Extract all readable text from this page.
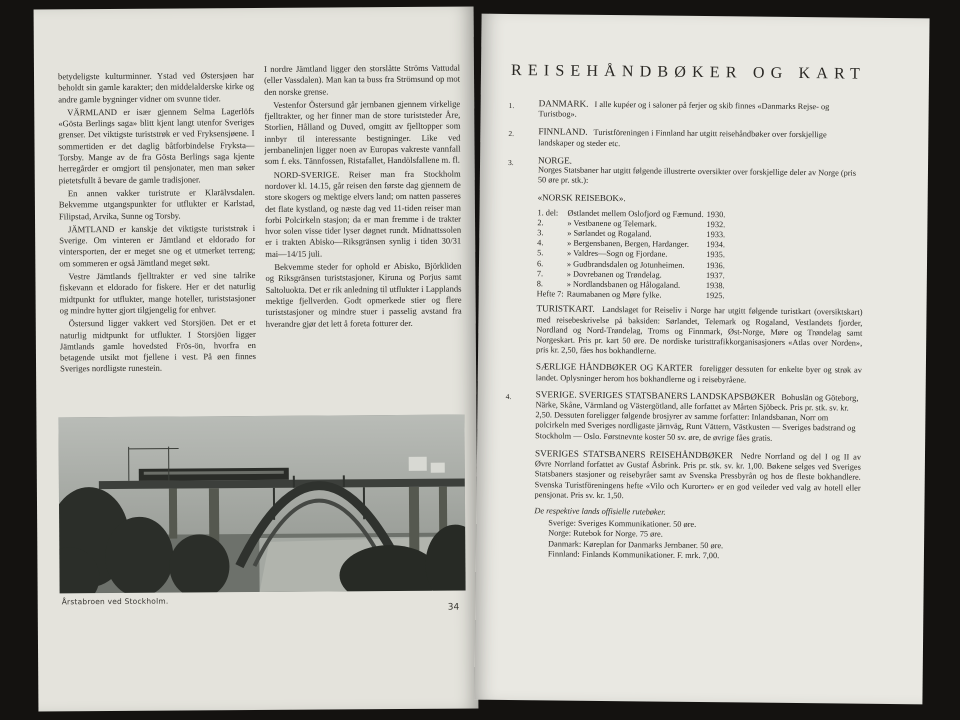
betydeligste kulturminner. Ystad ved Østersjøen har beholdt sin gamle karakter; den middelalderske kirke og andre gamle bygninger vidner om svunne tider.

VÄRMLAND er især gjennem Selma Lagerlöfs «Gösta Berlings saga» blitt kjent langt utenfor Sveriges grenser. Det viktigste turiststrøk er ved Fryksensjøene. I sommertiden er det daglig båtforbindelse Fryksta—Torsby. Mange av de fra Gösta Berlings saga kjente herregårder er omgjort til pensjonater, men man søker pietetsfullt å bevare de gamle tradisjoner.

En annen vakker turistrute er Klarälvsdalen. Bekvemme utgangspunkter for utflukter er Karlstad, Filipstad, Arvika, Sunne og Torsby.

JÄMTLAND er kanskje det viktigste turiststrøk i Sverige. Om vinteren er Jämtland et eldorado for vintersporten, der er meget sne og et utmerket terreng; om sommeren er også Jämtland meget søkt.

Vestre Jämtlands fjelltrakter er ved sine talrike fiskevann et eldorado for fiskere. Her er det naturlig midtpunkt for utflukter, mange hoteller, turiststasjoner og mindre hytter gjort tilgjengelig for enhver.

Östersund ligger vakkert ved Storsjöen. Det er et naturlig midtpunkt for utflukter. I Storsjöen ligger Jämtlands gamle hovedsted Frös-ön, hvorfra en betagende utsikt mot fjellene i vest. På øen finnes Sveriges nordligste runestein.

I nordre Jämtland ligger den storslåtte Ströms Vattudal (eller Vassdalen). Man kan ta buss fra Strömsund op mot den norske grense.

Vestenfor Östersund går jernbanen gjennem virkelige fjelltrakter, og her finner man de store turiststeder Åre, Storlien, Hålland og Duved, omgitt av fjelltopper som innbyr til interessante bestigninger. Like ved jernbanelinjen ligger noen av Europas vakreste vannfall som f. eks. Tännfossen, Ristafallet, Handölsfallene m. fl.

NORD-SVERIGE. Reiser man fra Stockholm nordover kl. 14.15, går reisen den første dag gjennem de store skogers og mektige elvers land; om natten passeres det flate kystland, og næste dag ved 11-tiden reiser man forbi Polcirkeln stasjon; da er man fremme i de trakter hvor solen visse tider lyser døgnet rundt. Midnattssolen er i trakten Abisko—Riksgränsen synlig i tiden 30/31 mai—14/15 juli.

Bekvemme steder for ophold er Abisko, Björkliden og Riksgränsen turiststasjoner, Kiruna og Porjus samt Saltoluokta. Det er rik anledning til utflukter i Lapplands mektige fjellverden. Godt opmerkede stier og flere turiststasjoner og mindre stuer i passelig avstand fra hverandre gjør det lett å foreta fotturer der.

Årstabroen ved Stockholm.
34
REISEHÅNDBØKER OG KART
1.	DANMARK. I alle kupéer og i saloner på ferjer og skib finnes «Danmarks Rejse- og Turistbog».
2.	FINNLAND. Turistföreningen i Finnland har utgitt reisehåndbøker over forskjellige landskaper og steder etc.
3.	NORGE.
Norges Statsbaner har utgitt følgende illustrerte oversikter over forskjellige deler av Norge (pris 50 øre pr. stk.):
«NORSK REISEBOK».
1. del:	Østlandet mellem Oslofjord og Fæmund.	1930.
2.	» Vestbanene og Telemark.	1932.
3.	» Sørlandet og Rogaland.	1933.
4.	» Bergensbanen, Bergen, Hardanger.	1934.
5.	» Valdres—Sogn og Fjordane.	1935.
6.	» Gudbrandsdalen og Jotunheimen.	1936.
7.	» Dovrebanen og Trøndelag.	1937.
8.	» Nordlandsbanen og Hålogaland.	1938.
Hefte 7:	Raumabanen og Møre fylke.	1925.
TURISTKART. Landslaget for Reiseliv i Norge har utgitt følgende turistkart (oversiktskart) med reisebeskrivelse på baksiden: Sørlandet, Telemark og Rogaland, Vestlandets fjorder, Nordland og Nord-Trøndelag, Troms og Finnmark, Øst-Norge, Møre og Trøndelag samt Norgeskart. Pris pr. kart 50 øre. De nordiske turisttrafikkorganisasjoners «Atlas over Norden», pris kr. 2,50, fåes hos bokhandlerne.
SÆRLIGE HÅNDBØKER OG KARTER foreligger dessuten for enkelte byer og strøk av landet. Oplysninger herom hos bokhandlerne og i reisebyråene.
4.	SVERIGE. SVERIGES STATSBANERS LANDSKAPSBØKER Bohuslän og Göteborg, Närke, Skåne, Värmland og Västergötland, alle forfattet av Mårten Sjöbeck. Pris pr. stk. sv. kr. 2,50. Dessuten foreligger følgende brosjyrer av samme forfatter: Inlandsbanan, Norr om polcirkeln med Sveriges nordligaste järnväg, Runt Vättern, Västkusten — Sveriges badstrand og Stockholm — Oslo. Førstnevnte koster 50 sv. øre, de øvrige fåes gratis.
SVERIGES STATSBANERS REISEHÅNDBØKER Nedre Norrland og del I og II av Øvre Norrland forfattet av Gustaf Åsbrink. Pris pr. stk. sv. kr. 1,00. Bøkene selges ved Sveriges Statsbaners stasjoner og reisebyråer samt av Svenska Pressbyrån og hos de fleste bokhandlere. Svenska Turistföreningens hefte «Vilo och Kurorter» er en god veileder ved valg av hotell eller pensjonat. Pris sv. kr. 1,50.
De respektive lands offisielle rutebøker.
Sverige: Sveriges Kommunikationer. 50 øre.
Norge: Rutebok for Norge. 75 øre.
Danmark: Køreplan for Danmarks Jernbaner. 50 øre.
Finnland: Finlands Kommunikationer. F. mrk. 7,00.
